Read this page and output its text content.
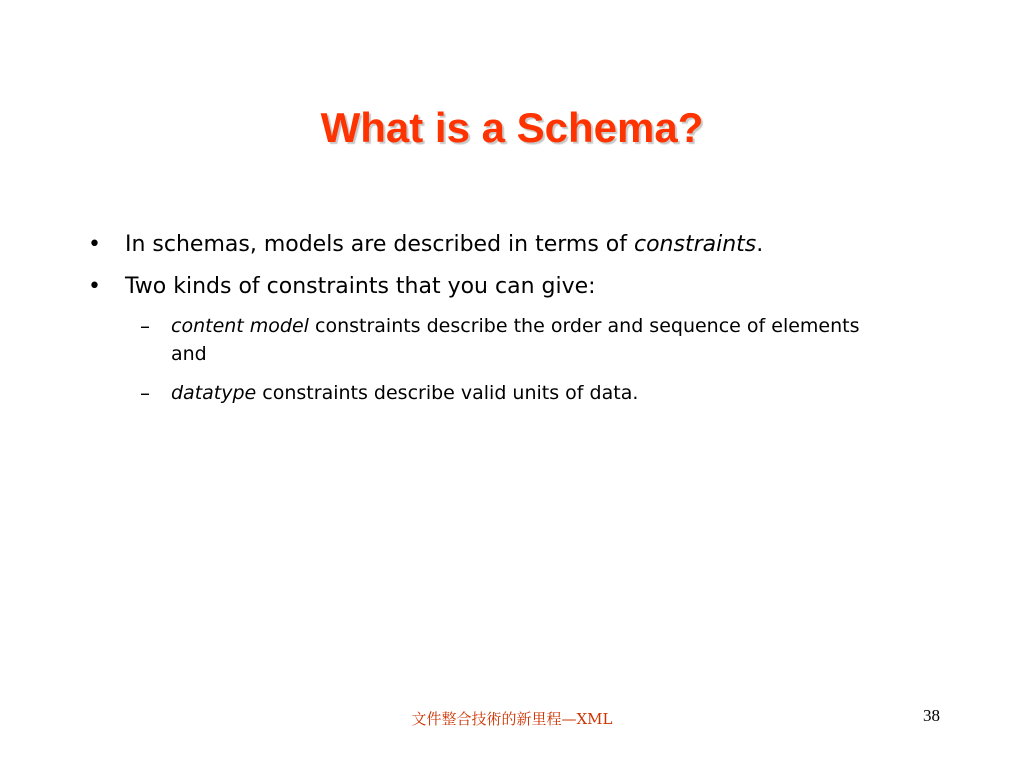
What is a Schema?
• In schemas, models are described in terms of constraints.
• Two kinds of constraints that you can give:
– content model constraints describe the order and sequence of elements and
– datatype constraints describe valid units of data.
文件整合技術的新里程—XML	38
